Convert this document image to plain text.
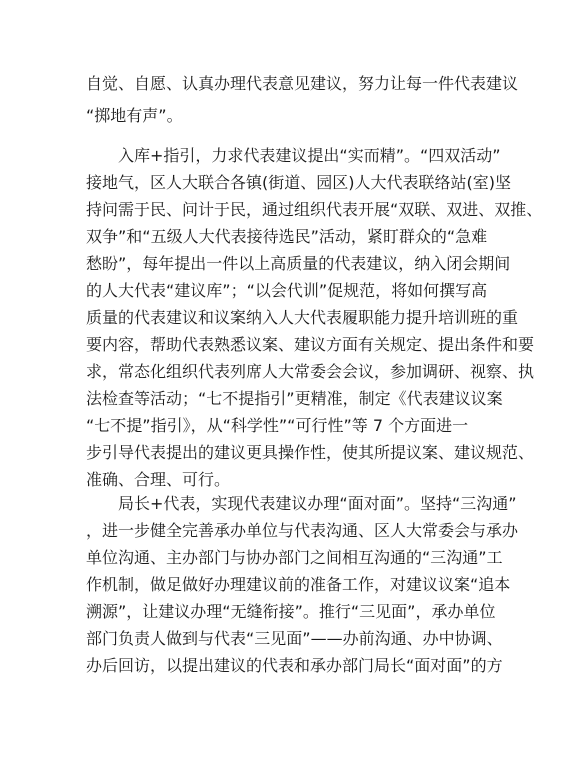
自觉、自愿、认真办理代表意见建议，努力让每一件代表建议
“掷地有声”。
入库+指引，力求代表建议提出“实而精”。“四双活动”
接地气，区人大联合各镇(街道、园区)人大代表联络站(室)坚
持问需于民、问计于民，通过组织代表开展“双联、双进、双推、
双争”和“五级人大代表接待选民”活动，紧盯群众的“急难
愁盼”，每年提出一件以上高质量的代表建议，纳入闭会期间
的人大代表“建议库”；“以会代训”促规范，将如何撰写高
质量的代表建议和议案纳入人大代表履职能力提升培训班的重
要内容，帮助代表熟悉议案、建议方面有关规定、提出条件和要
求，常态化组织代表列席人大常委会会议，参加调研、视察、执
法检查等活动；“七不提指引”更精准，制定《代表建议议案
“七不提”指引》，从“科学性”“可行性”等 7 个方面进一
步引导代表提出的建议更具操作性，使其所提议案、建议规范、
准确、合理、可行。
局长+代表，实现代表建议办理“面对面”。坚持“三沟通”
，进一步健全完善承办单位与代表沟通、区人大常委会与承办
单位沟通、主办部门与协办部门之间相互沟通的“三沟通”工
作机制，做足做好办理建议前的准备工作，对建议议案“追本
溯源”，让建议办理“无缝衔接”。推行“三见面”，承办单位
部门负责人做到与代表“三见面”——办前沟通、办中协调、
办后回访，以提出建议的代表和承办部门局长“面对面”的方
